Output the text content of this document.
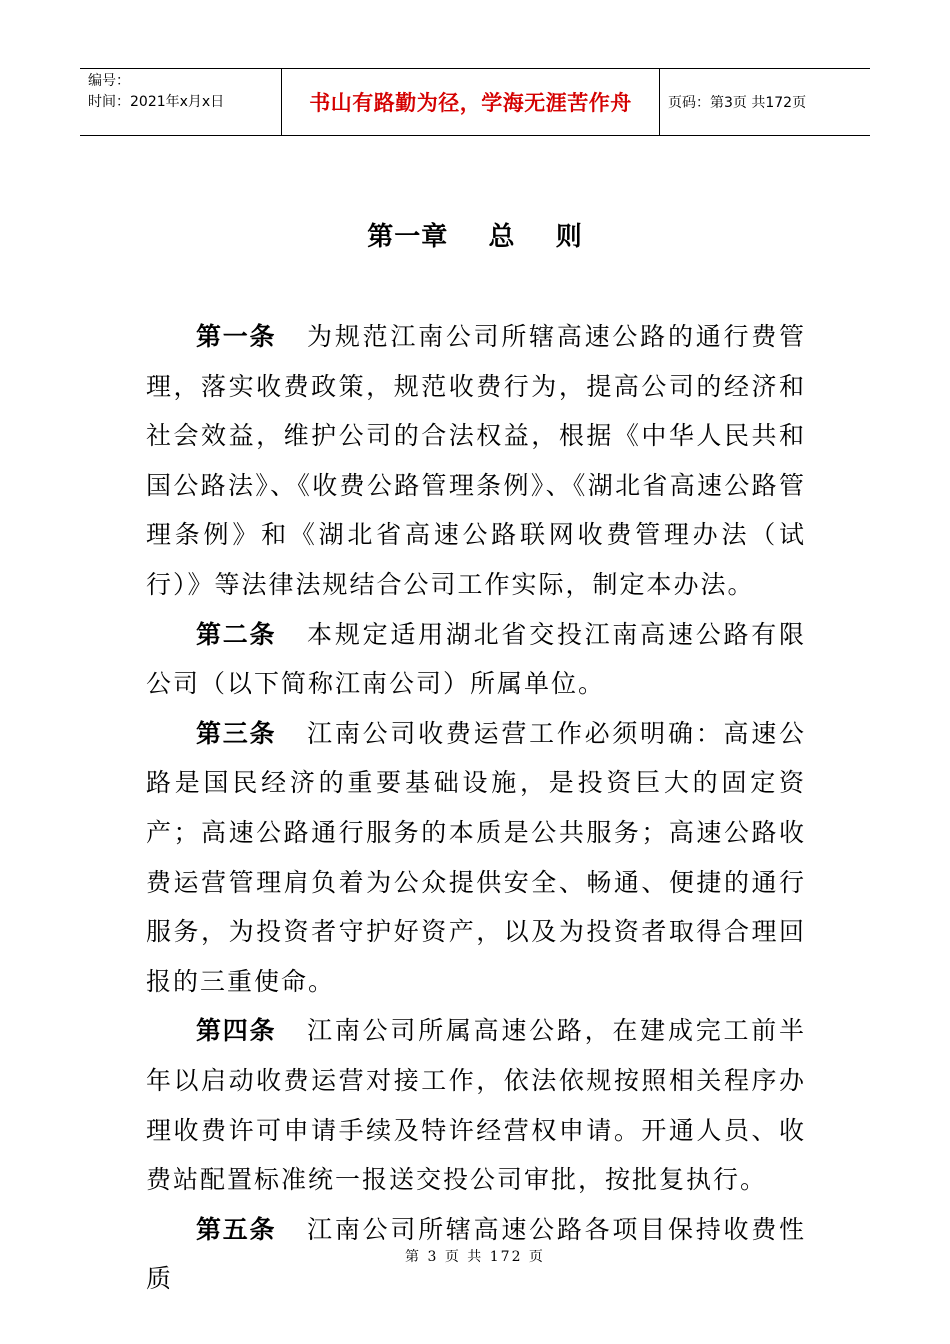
编号：
时间：2021年x月x日	书山有路勤为径，学海无涯苦作舟	页码：第3页 共172页
第一章    总    则

第一条 为规范江南公司所辖高速公路的通行费管理，落实收费政策，规范收费行为，提高公司的经济和社会效益，维护公司的合法权益，根据《中华人民共和国公路法》、《收费公路管理条例》、《湖北省高速公路管理条例》和《湖北省高速公路联网收费管理办法（试行）》等法律法规结合公司工作实际，制定本办法。

第二条 本规定适用湖北省交投江南高速公路有限公司（以下简称江南公司）所属单位。

第三条 江南公司收费运营工作必须明确：高速公路是国民经济的重要基础设施，是投资巨大的固定资产；高速公路通行服务的本质是公共服务；高速公路收费运营管理肩负着为公众提供安全、畅通、便捷的通行服务，为投资者守护好资产，以及为投资者取得合理回报的三重使命。

第四条 江南公司所属高速公路，在建成完工前半年以启动收费运营对接工作，依法依规按照相关程序办理收费许可申请手续及特许经营权申请。开通人员、收费站配置标准统一报送交投公司审批，按批复执行。

第五条 江南公司所辖高速公路各项目保持收费性质

第 3 页 共 172 页
